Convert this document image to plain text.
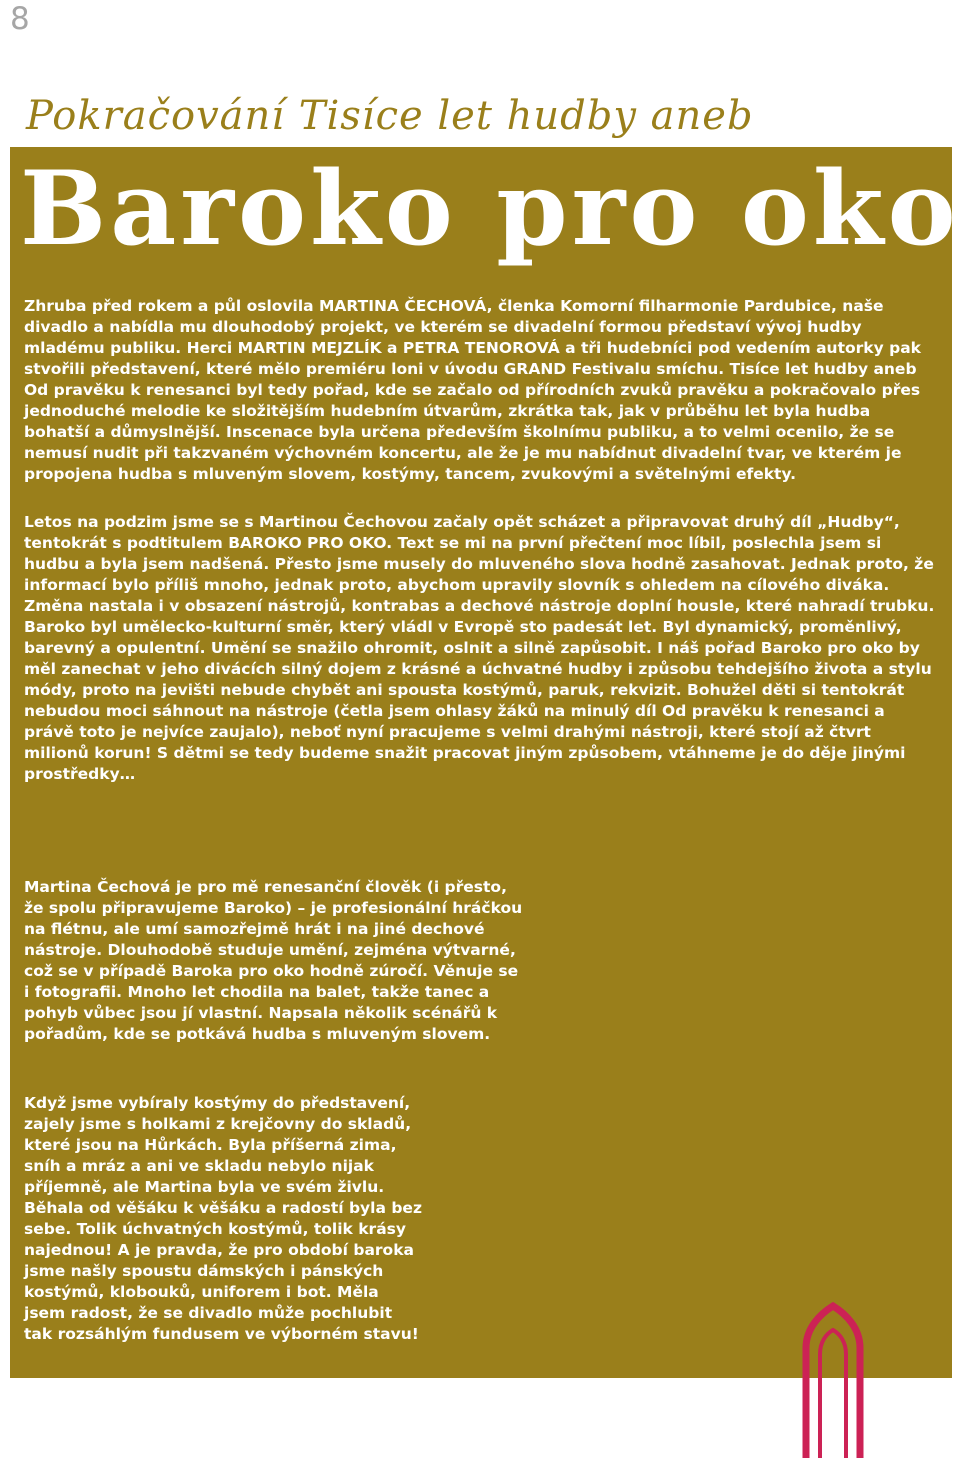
8
Pokračování Tisíce let hudby aneb
Baroko pro oko

Zhruba před rokem a půl oslovila MARTINA ČECHOVÁ, členka Komorní filharmonie Pardubice, naše divadlo a nabídla mu dlouhodobý projekt, ve kterém se divadelní formou představí vývoj hudby mladému publiku. Herci MARTIN MEJZLÍK a PETRA TENOROVÁ a tři hudebníci pod vedením autorky pak stvořili představení, které mělo premiéru loni v úvodu GRAND Festivalu smíchu. Tisíce let hudby aneb Od pravěku k renesanci byl tedy pořad, kde se začalo od přírodních zvuků pravěku a pokračovalo přes jednoduché melodie ke složitějším hudebním útvarům, zkrátka tak, jak v průběhu let byla hudba bohatší a důmyslnější. Inscenace byla určena především školnímu publiku, a to velmi ocenilo, že se nemusí nudit při takzvaném výchovném koncertu, ale že je mu nabídnut divadelní tvar, ve kterém je propojena hudba s mluveným slovem, kostýmy, tancem, zvukovými a světelnými efekty.

Letos na podzim jsme se s Martinou Čechovou začaly opět scházet a připravovat druhý díl „Hudby“, tentokrát s podtitulem BAROKO PRO OKO. Text se mi na první přečtení moc líbil, poslechla jsem si hudbu a byla jsem nadšená. Přesto jsme musely do mluveného slova hodně zasahovat. Jednak proto, že informací bylo příliš mnoho, jednak proto, abychom upravily slovník s ohledem na cílového diváka. Změna nastala i v obsazení nástrojů, kontrabas a dechové nástroje doplní housle, které nahradí trubku. Baroko byl umělecko-kulturní směr, který vládl v Evropě sto padesát let. Byl dynamický, proměnlivý, barevný a opulentní. Umění se snažilo ohromit, oslnit a silně zapůsobit. I náš pořad Baroko pro oko by měl zanechat v jeho divácích silný dojem z krásné a úchvatné hudby i způsobu tehdejšího života a stylu módy, proto na jevišti nebude chybět ani spousta kostýmů, paruk, rekvizit. Bohužel děti si tentokrát nebudou moci sáhnout na nástroje (četla jsem ohlasy žáků na minulý díl Od pravěku k renesanci a právě toto je nejvíce zaujalo), neboť nyní pracujeme s velmi drahými nástroji, které stojí až čtvrt milionů korun! S dětmi se tedy budeme snažit pracovat jiným způsobem, vtáhneme je do děje jinými prostředky…

Martina Čechová je pro mě renesanční člověk (i přesto, že spolu připravujeme Baroko) – je profesionální hráčkou na flétnu, ale umí samozřejmě hrát i na jiné dechové nástroje. Dlouhodobě studuje umění, zejména výtvarné, což se v případě Baroka pro oko hodně zúročí. Věnuje se i fotografii. Mnoho let chodila na balet, takže tanec a pohyb vůbec jsou jí vlastní. Napsala několik scénářů k pořadům, kde se potkává hudba s mluveným slovem.

Když jsme vybíraly kostýmy do představení, zajely jsme s holkami z krejčovny do skladů, které jsou na Hůrkách. Byla příšerná zima, sníh a mráz a ani ve skladu nebylo nijak příjemně, ale Martina byla ve svém živlu. Běhala od věšáku k věšáku a radostí byla bez sebe. Tolik úchvatných kostýmů, tolik krásy najednou! A je pravda, že pro období baroka jsme našly spoustu dámských i pánských kostýmů, klobouků, uniforem i bot. Měla jsem radost, že se divadlo může pochlubit tak rozsáhlým fundusem ve výborném stavu!
